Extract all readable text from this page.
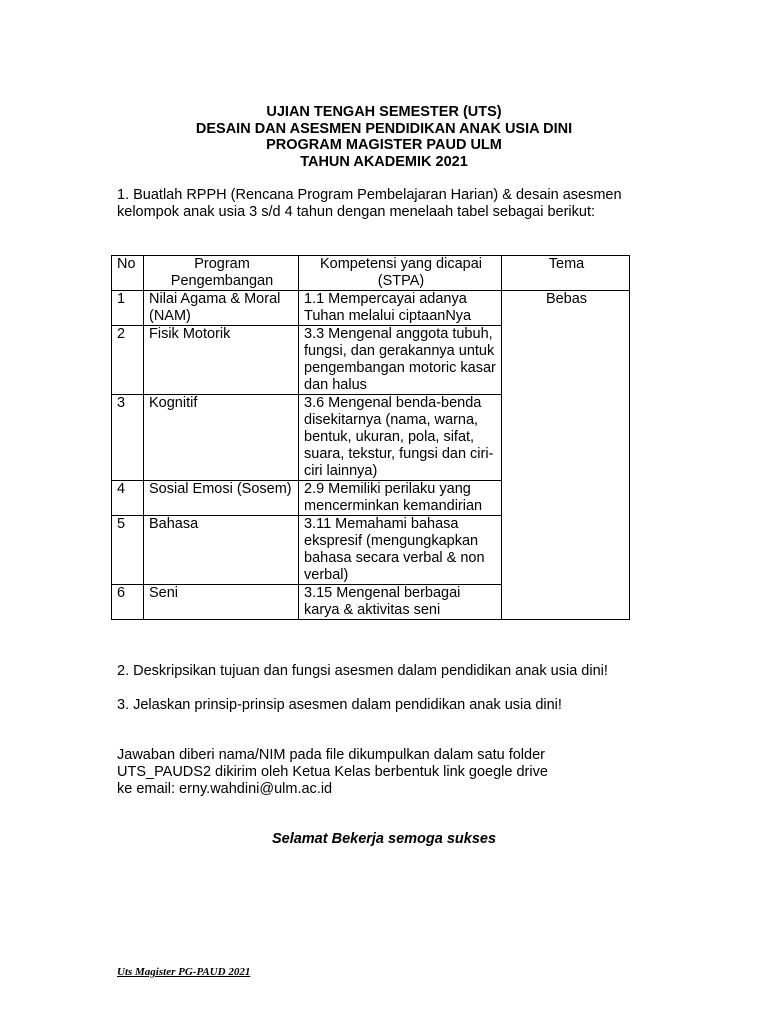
UJIAN TENGAH SEMESTER (UTS)
DESAIN DAN ASESMEN PENDIDIKAN ANAK USIA DINI
PROGRAM MAGISTER PAUD ULM
TAHUN AKADEMIK 2021
1. Buatlah RPPH (Rencana Program Pembelajaran Harian) & desain asesmen kelompok anak usia 3 s/d 4 tahun dengan menelaah tabel sebagai berikut:
No	Program Pengembangan	Kompetensi yang dicapai (STPA)	Tema
1	Nilai Agama & Moral (NAM)	1.1 Mempercayai adanya Tuhan melalui ciptaanNya	Bebas
2	Fisik Motorik	3.3 Mengenal anggota tubuh, fungsi, dan gerakannya untuk pengembangan motoric kasar dan halus	
3	Kognitif	3.6 Mengenal benda-benda disekitarnya (nama, warna, bentuk, ukuran, pola, sifat, suara, tekstur, fungsi dan ciri-ciri lainnya)	
4	Sosial Emosi (Sosem)	2.9 Memiliki perilaku yang mencerminkan kemandirian	
5	Bahasa	3.11 Memahami bahasa ekspresif (mengungkapkan bahasa secara verbal & non verbal)	
6	Seni	3.15 Mengenal berbagai karya & aktivitas seni	
2. Deskripsikan tujuan dan fungsi asesmen dalam pendidikan anak usia dini!
3. Jelaskan prinsip-prinsip asesmen dalam pendidikan anak usia dini!
Jawaban diberi nama/NIM pada file dikumpulkan dalam satu folder
UTS_PAUDS2 dikirim oleh Ketua Kelas berbentuk link goegle drive
ke email: erny.wahdini@ulm.ac.id
Selamat Bekerja semoga sukses
Uts Magister PG-PAUD 2021
